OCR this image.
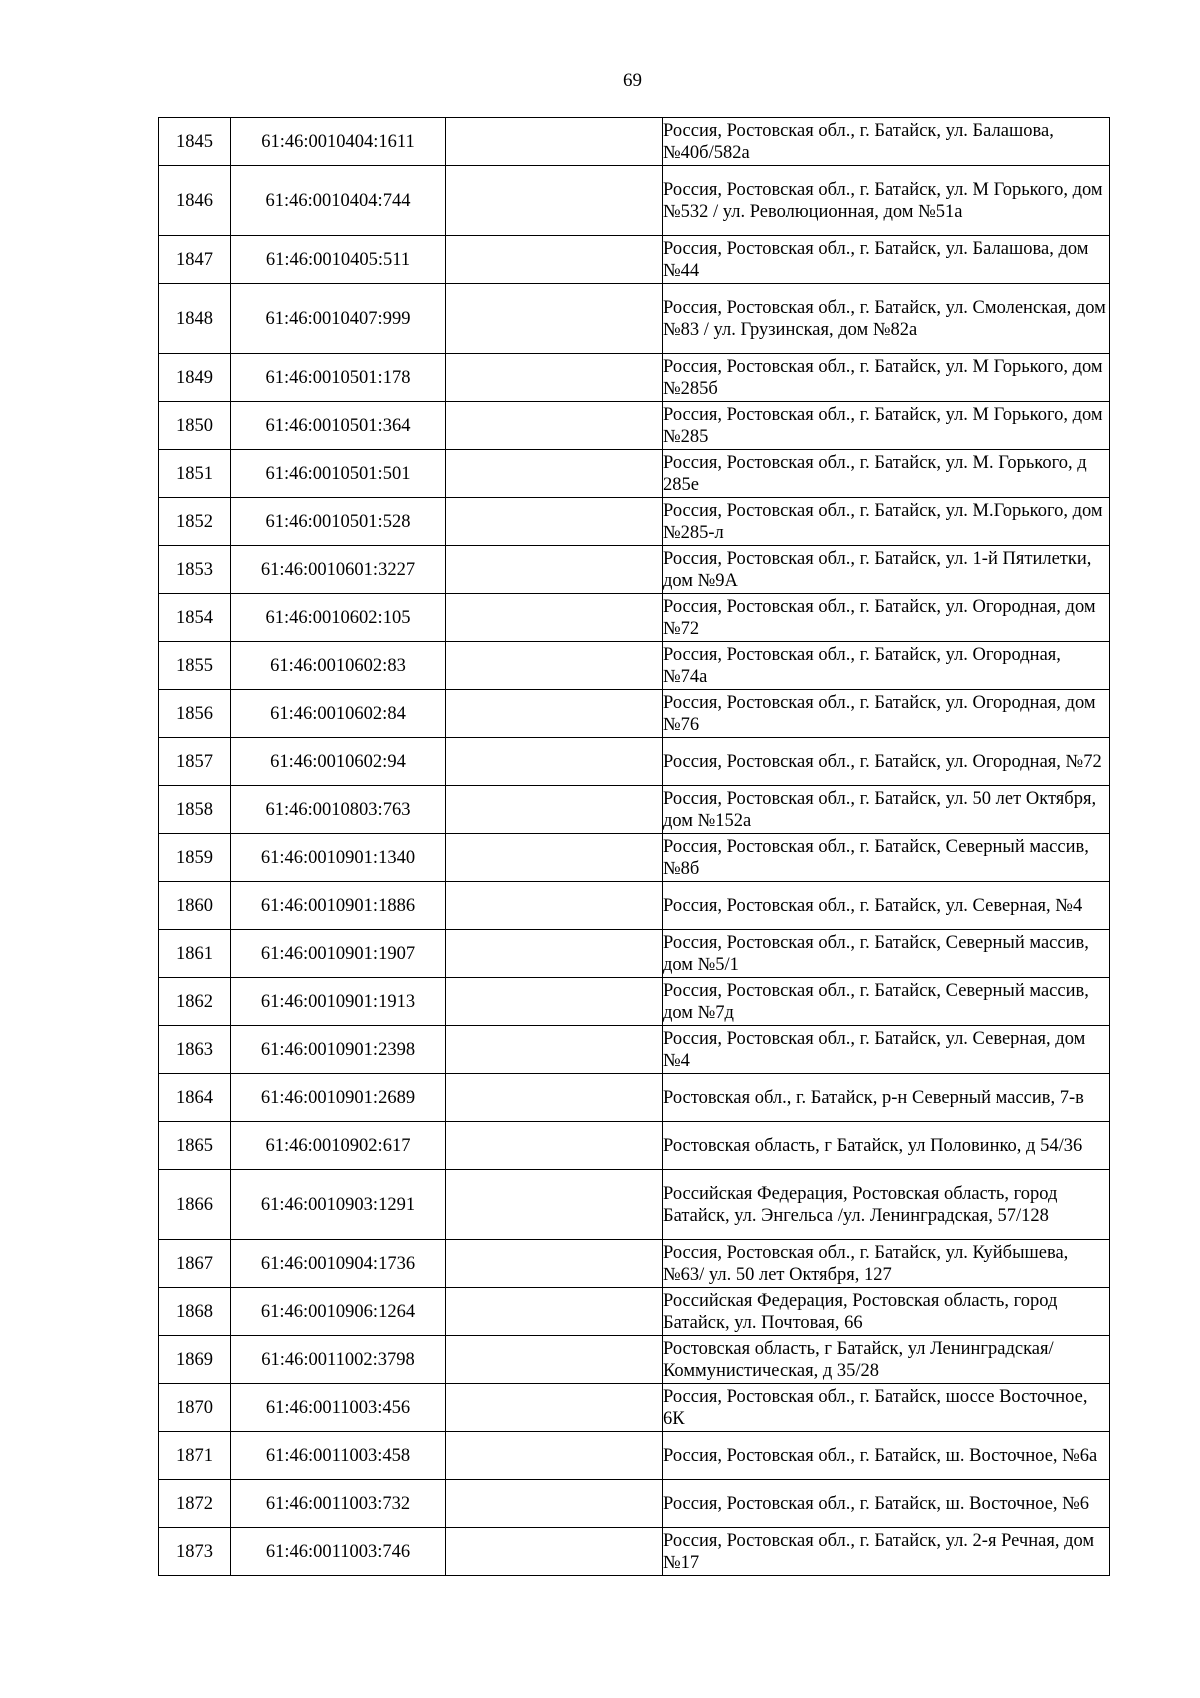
69
1845	61:46:0010404:1611		Россия, Ростовская обл., г. Батайск, ул. Балашова, №40б/582а
1846	61:46:0010404:744		Россия, Ростовская обл., г. Батайск, ул. М Горького, дом №532 / ул. Революционная, дом №51а
1847	61:46:0010405:511		Россия, Ростовская обл., г. Батайск, ул. Балашова, дом №44
1848	61:46:0010407:999		Россия, Ростовская обл., г. Батайск, ул. Смоленская, дом №83 / ул. Грузинская, дом №82а
1849	61:46:0010501:178		Россия, Ростовская обл., г. Батайск, ул. М Горького, дом №285б
1850	61:46:0010501:364		Россия, Ростовская обл., г. Батайск, ул. М Горького, дом №285
1851	61:46:0010501:501		Россия, Ростовская обл., г. Батайск, ул. М. Горького, д 285е
1852	61:46:0010501:528		Россия, Ростовская обл., г. Батайск, ул. М.Горького, дом №285-л
1853	61:46:0010601:3227		Россия, Ростовская обл., г. Батайск, ул. 1-й Пятилетки, дом №9А
1854	61:46:0010602:105		Россия, Ростовская обл., г. Батайск, ул. Огородная, дом №72
1855	61:46:0010602:83		Россия, Ростовская обл., г. Батайск, ул. Огородная, №74а
1856	61:46:0010602:84		Россия, Ростовская обл., г. Батайск, ул. Огородная, дом №76
1857	61:46:0010602:94		Россия, Ростовская обл., г. Батайск, ул. Огородная, №72
1858	61:46:0010803:763		Россия, Ростовская обл., г. Батайск, ул. 50 лет Октября, дом №152а
1859	61:46:0010901:1340		Россия, Ростовская обл., г. Батайск, Северный массив, №8б
1860	61:46:0010901:1886		Россия, Ростовская обл., г. Батайск, ул. Северная, №4
1861	61:46:0010901:1907		Россия, Ростовская обл., г. Батайск, Северный массив, дом №5/1
1862	61:46:0010901:1913		Россия, Ростовская обл., г. Батайск, Северный массив, дом №7д
1863	61:46:0010901:2398		Россия, Ростовская обл., г. Батайск, ул. Северная, дом №4
1864	61:46:0010901:2689		Ростовская обл., г. Батайск, р-н Северный массив, 7-в
1865	61:46:0010902:617		Ростовская область, г Батайск, ул Половинко, д 54/36
1866	61:46:0010903:1291		Российская Федерация, Ростовская область, город Батайск, ул. Энгельса /ул. Ленинградская, 57/128
1867	61:46:0010904:1736		Россия, Ростовская обл., г. Батайск, ул. Куйбышева, №63/ ул. 50 лет Октября, 127
1868	61:46:0010906:1264		Российская Федерация, Ростовская область, город Батайск, ул. Почтовая, 66
1869	61:46:0011002:3798		Ростовская область, г Батайск, ул Ленинградская/Коммунистическая, д 35/28
1870	61:46:0011003:456		Россия, Ростовская обл., г. Батайск, шоссе Восточное, 6К
1871	61:46:0011003:458		Россия, Ростовская обл., г. Батайск, ш. Восточное, №6а
1872	61:46:0011003:732		Россия, Ростовская обл., г. Батайск, ш. Восточное, №6
1873	61:46:0011003:746		Россия, Ростовская обл., г. Батайск, ул. 2-я Речная, дом №17
